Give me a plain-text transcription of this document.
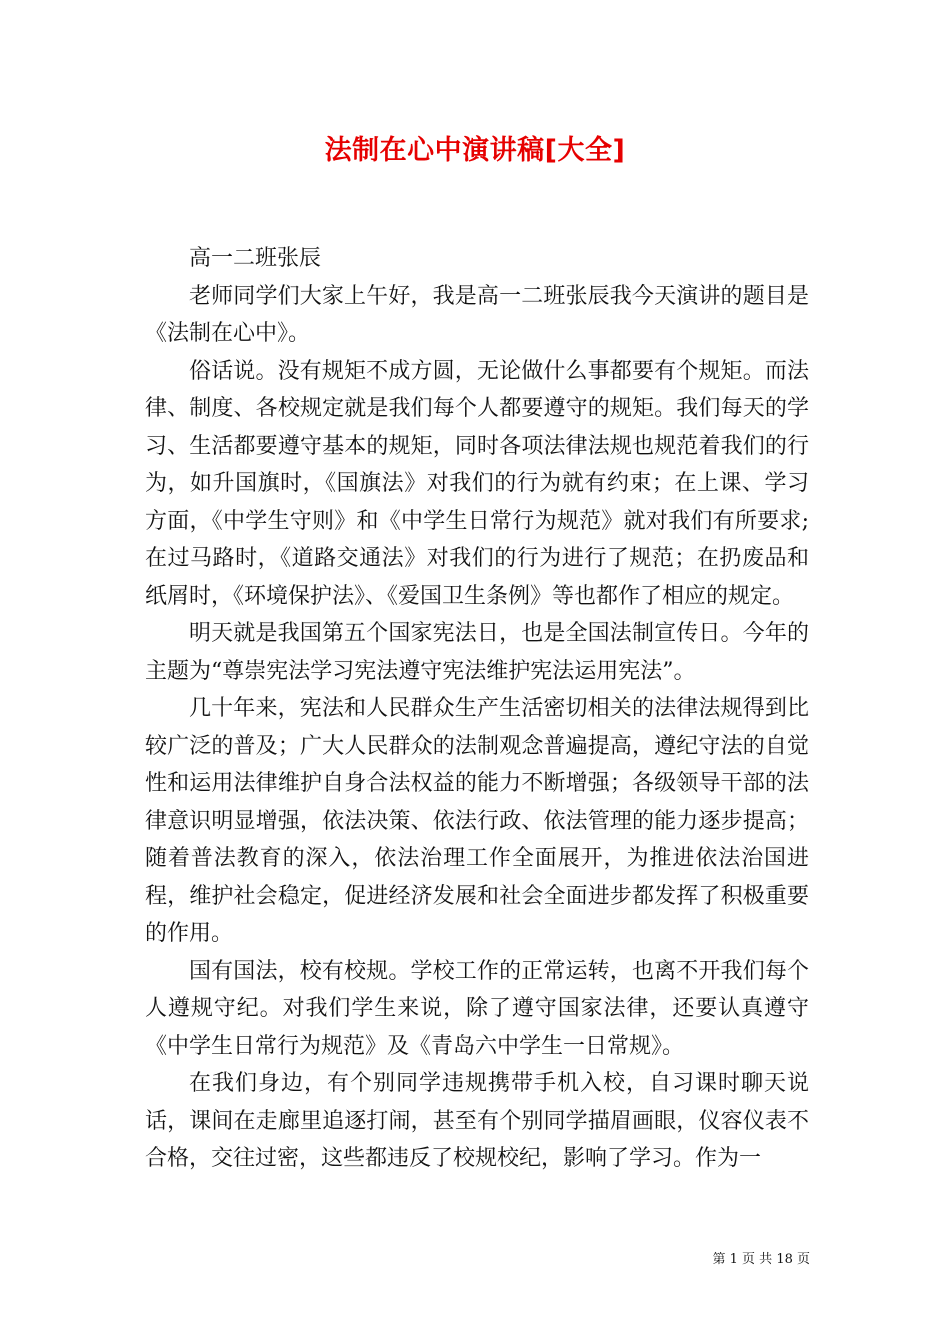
法制在心中演讲稿[大全]

高一二班张辰

老师同学们大家上午好，我是高一二班张辰我今天演讲的题目是《法制在心中》。

俗话说。没有规矩不成方圆，无论做什么事都要有个规矩。而法律、制度、各校规定就是我们每个人都要遵守的规矩。我们每天的学习、生活都要遵守基本的规矩，同时各项法律法规也规范着我们的行为，如升国旗时，《国旗法》对我们的行为就有约束；在上课、学习方面，《中学生守则》和《中学生日常行为规范》就对我们有所要求;在过马路时，《道路交通法》对我们的行为进行了规范；在扔废品和纸屑时，《环境保护法》、《爱国卫生条例》等也都作了相应的规定。

明天就是我国第五个国家宪法日，也是全国法制宣传日。今年的主题为“尊崇宪法学习宪法遵守宪法维护宪法运用宪法”。

几十年来，宪法和人民群众生产生活密切相关的法律法规得到比较广泛的普及；广大人民群众的法制观念普遍提高，遵纪守法的自觉性和运用法律维护自身合法权益的能力不断增强；各级领导干部的法律意识明显增强，依法决策、依法行政、依法管理的能力逐步提高；随着普法教育的深入，依法治理工作全面展开，为推进依法治国进程，维护社会稳定，促进经济发展和社会全面进步都发挥了积极重要的作用。

国有国法，校有校规。学校工作的正常运转，也离不开我们每个人遵规守纪。对我们学生来说，除了遵守国家法律，还要认真遵守《中学生日常行为规范》及《青岛六中学生一日常规》。

在我们身边，有个别同学违规携带手机入校，自习课时聊天说话，课间在走廊里追逐打闹，甚至有个别同学描眉画眼，仪容仪表不合格，交往过密，这些都违反了校规校纪，影响了学习。作为一

第 1 页 共 18 页
